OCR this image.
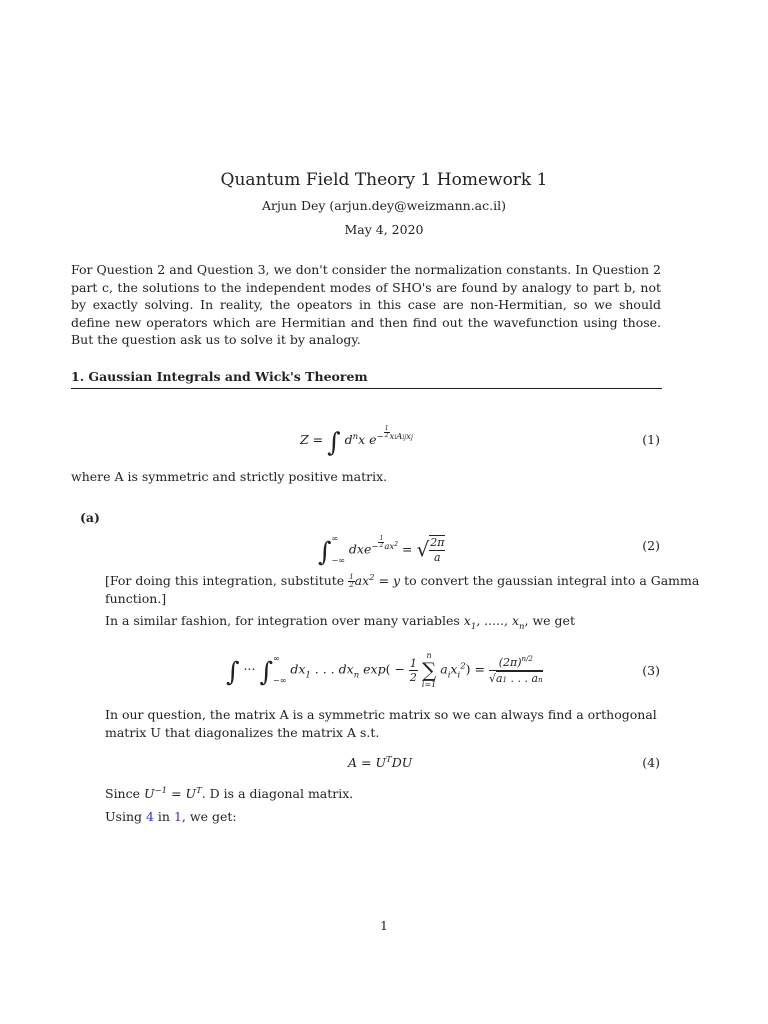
Quantum Field Theory 1 Homework 1
Arjun Dey (arjun.dey@weizmann.ac.il)
May 4, 2020
For Question 2 and Question 3, we don't consider the normalization constants. In Question 2 part c, the solutions to the independent modes of SHO's are found by analogy to part b, not by exactly solving. In reality, the opeators in this case are non-Hermitian, so we should define new operators which are Hermitian and then find out the wavefunction using those. But the question ask us to solve it by analogy.
1. Gaussian Integrals and Wick's Theorem
Z = ∫ $d^nx$ $e^{- \frac{1}{2} xiAijxj}$	(1)
where A is symmetric and strictly positive matrix.
(a)
∫ ∞
−∞
dxe$^{- \frac{1}{2} ax^2}$ = √ $\frac{2\pi}{a}$	(2)
[For doing this integration, substitute $\frac{1}{2} ax^2 = y$ to convert the gaussian integral into a Gamma
function.]
In a similar fashion, for integration over many variables $x_1$, ....., $x_n$, we get
∫ ··· ∫ ∞
−∞
$dx_1$ . . . $dx_n$ $\exp( - \frac{1}{2}$

n
∑
i=1
$a_ix_i^2) = \frac{(2\pi)^{n/2}}{√a1 . . . an}$	(3)
In our question, the matrix A is a symmetric matrix so we can always find a orthogonal matrix U that diagonalizes the matrix A s.t.
$A = U^TDU$	(4)
Since $U^{-1} = U^T$. D is a diagonal matrix.
Using 4 in 1, we get:
1
